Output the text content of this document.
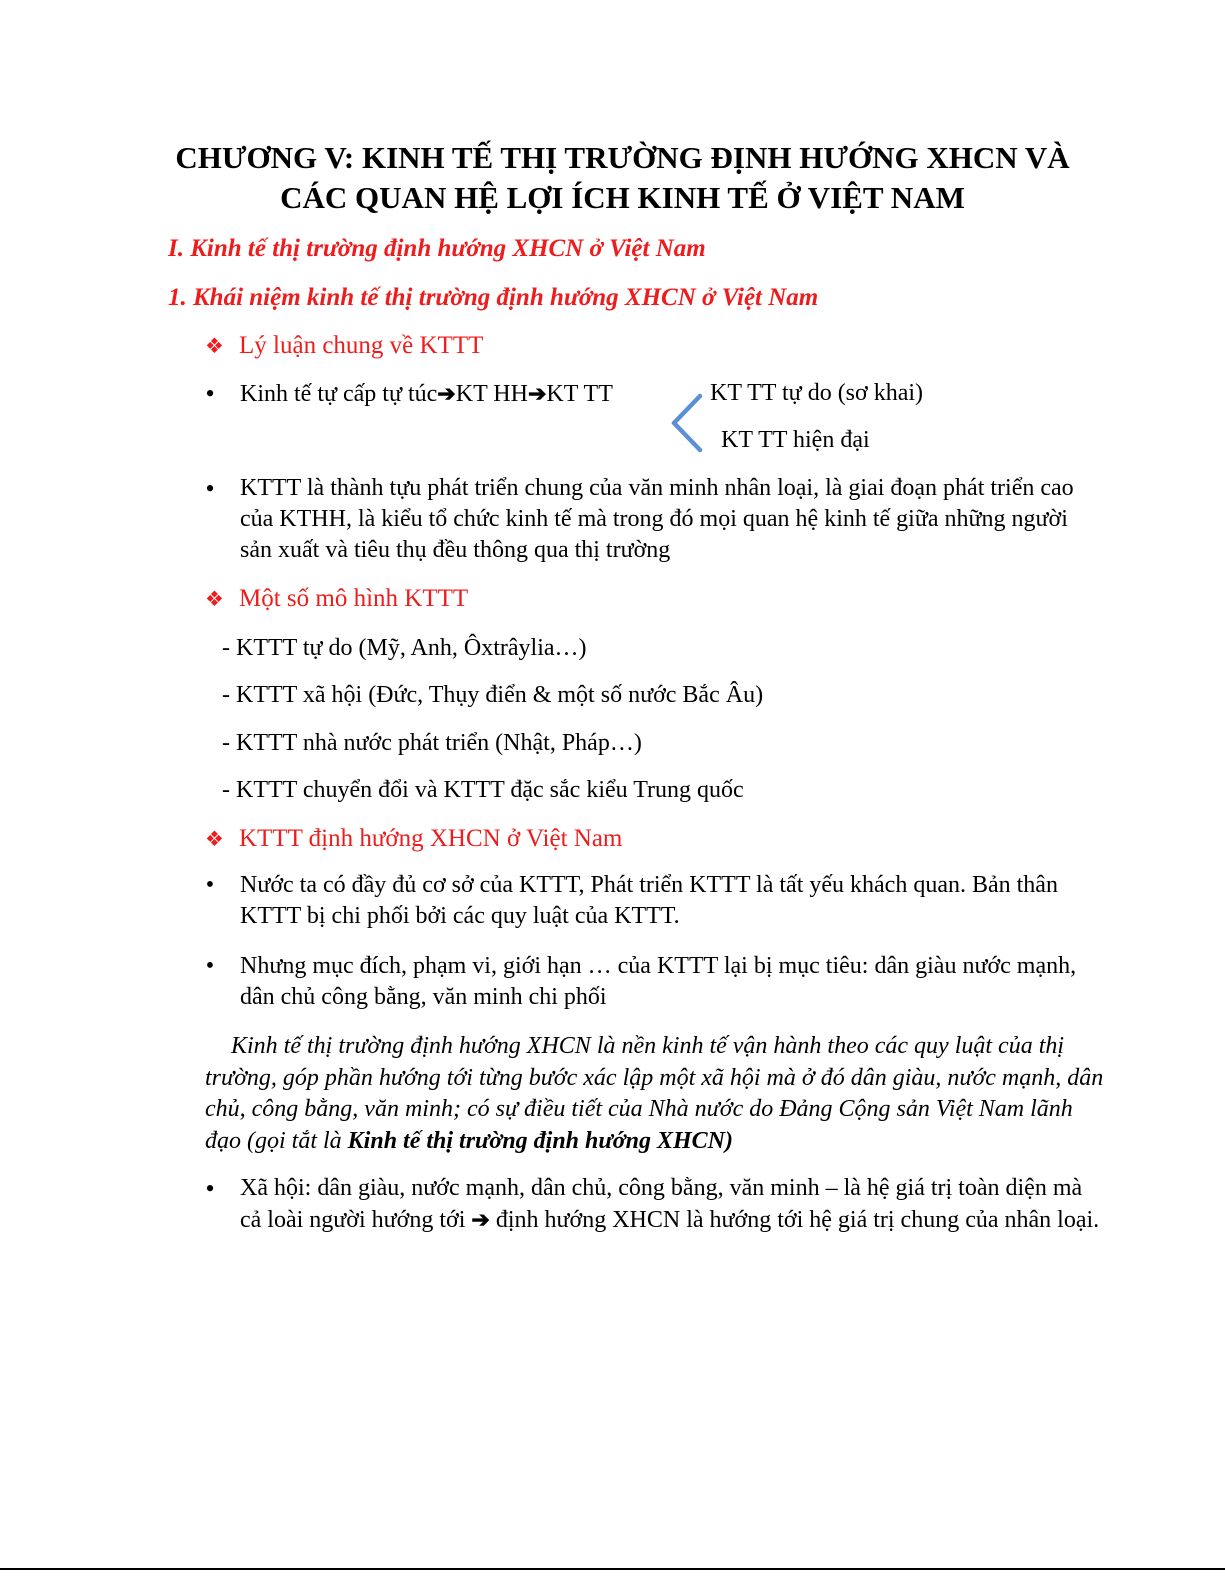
CHƯƠNG V: KINH TẾ THỊ TRƯỜNG ĐỊNH HƯỚNG XHCN VÀ
CÁC QUAN HỆ LỢI ÍCH KINH TẾ Ở VIỆT NAM
I. Kinh tế thị trường định hướng XHCN ở Việt Nam
1. Khái niệm kinh tế thị trường định hướng XHCN ở Việt Nam
❖ Lý luận chung về KTTT
• Kinh tế tự cấp tự túc➔KT HH➔KT TT	KT TT tự do (sơ khai)
KT TT hiện đại
• KTTT là thành tựu phát triển chung của văn minh nhân loại, là giai đoạn phát triển cao của KTHH, là kiểu tổ chức kinh tế mà trong đó mọi quan hệ kinh tế giữa những người sản xuất và tiêu thụ đều thông qua thị trường
❖ Một số mô hình KTTT
- KTTT tự do (Mỹ, Anh, Ôxtrâylia…)
- KTTT xã hội (Đức, Thụy điển & một số nước Bắc Âu)
- KTTT nhà nước phát triển (Nhật, Pháp…)
- KTTT chuyển đổi và KTTT đặc sắc kiểu Trung quốc
❖ KTTT định hướng XHCN ở Việt Nam
• Nước ta có đầy đủ cơ sở của KTTT, Phát triển KTTT là tất yếu khách quan. Bản thân KTTT bị chi phối bởi các quy luật của KTTT.
• Nhưng mục đích, phạm vi, giới hạn … của KTTT lại bị mục tiêu: dân giàu nước mạnh, dân chủ công bằng, văn minh chi phối
Kinh tế thị trường định hướng XHCN là nền kinh tế vận hành theo các quy luật của thị trường, góp phần hướng tới từng bước xác lập một xã hội mà ở đó dân giàu, nước mạnh, dân chủ, công bằng, văn minh; có sự điều tiết của Nhà nước do Đảng Cộng sản Việt Nam lãnh đạo (gọi tắt là Kinh tế thị trường định hướng XHCN)
• Xã hội: dân giàu, nước mạnh, dân chủ, công bằng, văn minh – là hệ giá trị toàn diện mà cả loài người hướng tới ➔ định hướng XHCN là hướng tới hệ giá trị chung của nhân loại.
